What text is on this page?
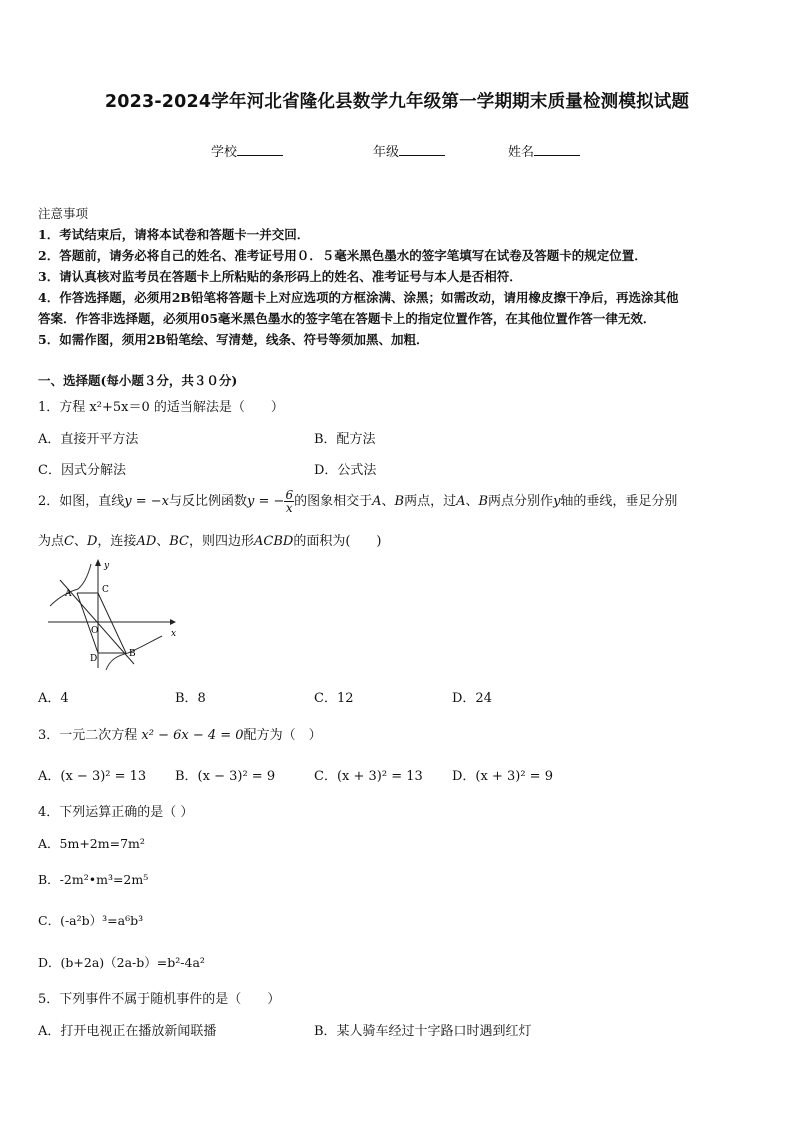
2023-2024学年河北省隆化县数学九年级第一学期期末质量检测模拟试题
学校	年级	姓名
注意事项
1．考试结束后，请将本试卷和答题卡一并交回．
2．答题前，请务必将自己的姓名、准考证号用０．５毫米黑色墨水的签字笔填写在试卷及答题卡的规定位置．
3．请认真核对监考员在答题卡上所粘贴的条形码上的姓名、准考证号与本人是否相符．
4．作答选择题，必须用2B铅笔将答题卡上对应选项的方框涂满、涂黑；如需改动，请用橡皮擦干净后，再选涂其他
答案．作答非选择题，必须用05毫米黑色墨水的签字笔在答题卡上的指定位置作答，在其他位置作答一律无效．
5．如需作图，须用2B铅笔绘、写清楚，线条、符号等须加黑、加粗．
一、选择题(每小题３分，共３０分)
1．方程 x²+5x＝0 的适当解法是（　　）
A．直接开平方法	B．配方法
C．因式分解法	D．公式法
2．如图，直线y = −x与反比例函数y = − $\frac{6}{x}$ 的图象相交于A、B两点，过A、B两点分别作y轴的垂线，垂足分别
为点C、D，连接AD、BC，则四边形ACBD的面积为(　　)
A	C
O
D	B
x
y
A．4	B．8	C．12	D．24
3．一元二次方程 x² − 6x − 4 = 0配方为（　）
A．(x − 3)² = 13 B．(x − 3)² = 9	C．(x + 3)² = 13 D．(x + 3)² = 9
4．下列运算正确的是（ ）
A．5m+2m=7m²
B．-2m²•m³=2m⁵
C．(-a²b）³=a⁶b³
D．(b+2a)（2a-b）=b²-4a²
5．下列事件不属于随机事件的是（　　）
A．打开电视正在播放新闻联播	B．某人骑车经过十字路口时遇到红灯
